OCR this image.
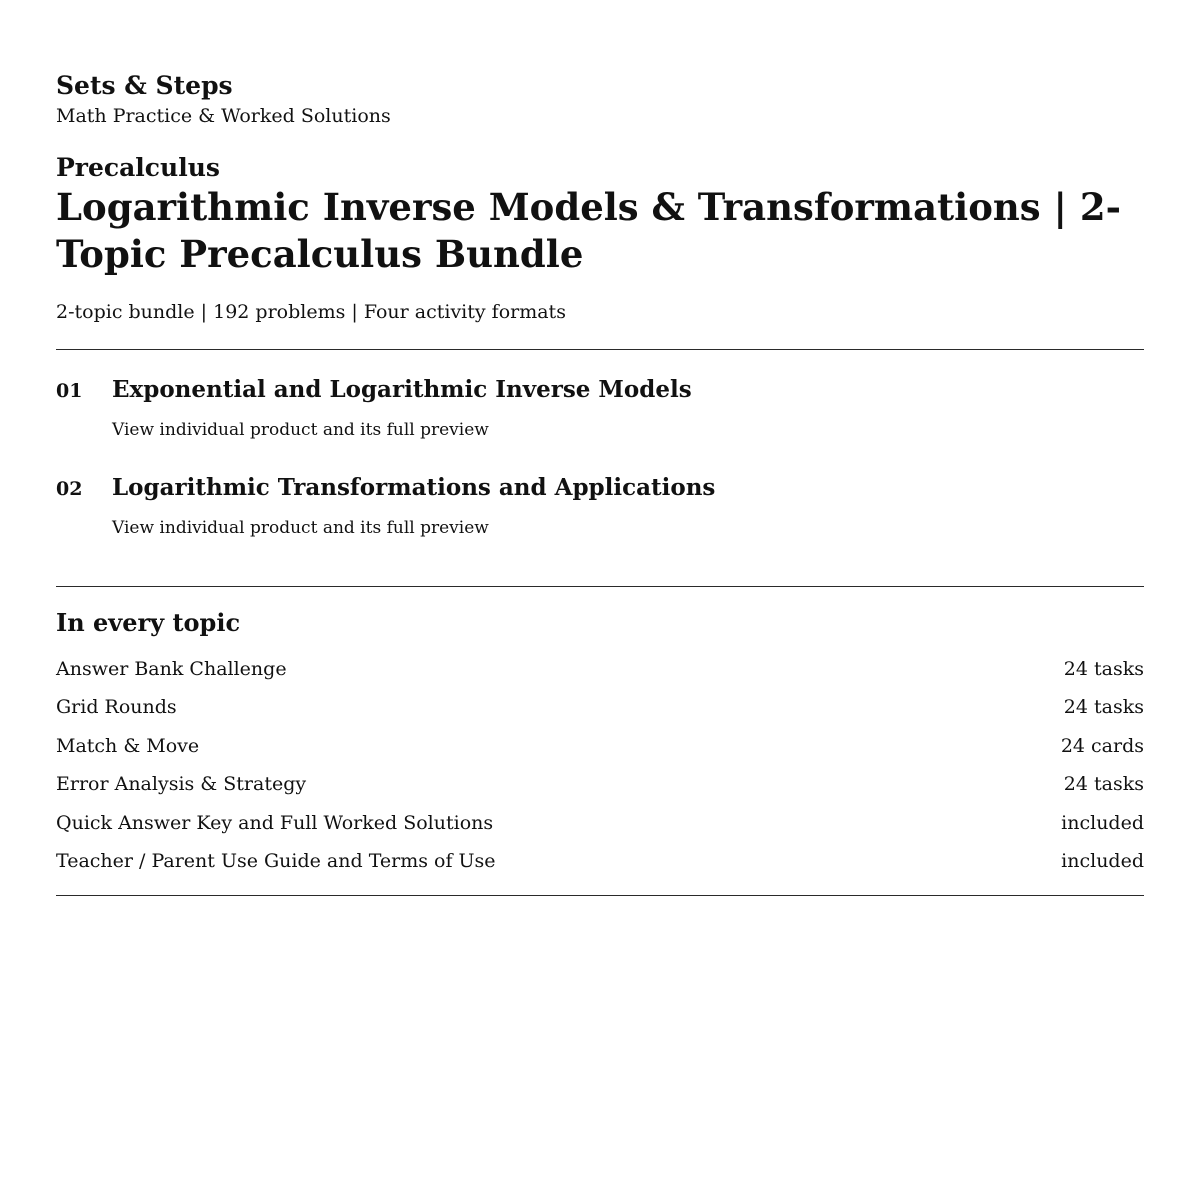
Sets & Steps
Math Practice & Worked Solutions
Precalculus
Logarithmic Inverse Models & Transformations | 2-Topic Precalculus Bundle
2-topic bundle | 192 problems | Four activity formats
01 Exponential and Logarithmic Inverse Models
View individual product and its full preview
02 Logarithmic Transformations and Applications
View individual product and its full preview
In every topic
Answer Bank Challenge	24 tasks
Grid Rounds	24 tasks
Match & Move	24 cards
Error Analysis & Strategy	24 tasks
Quick Answer Key and Full Worked Solutions	included
Teacher / Parent Use Guide and Terms of Use	included
